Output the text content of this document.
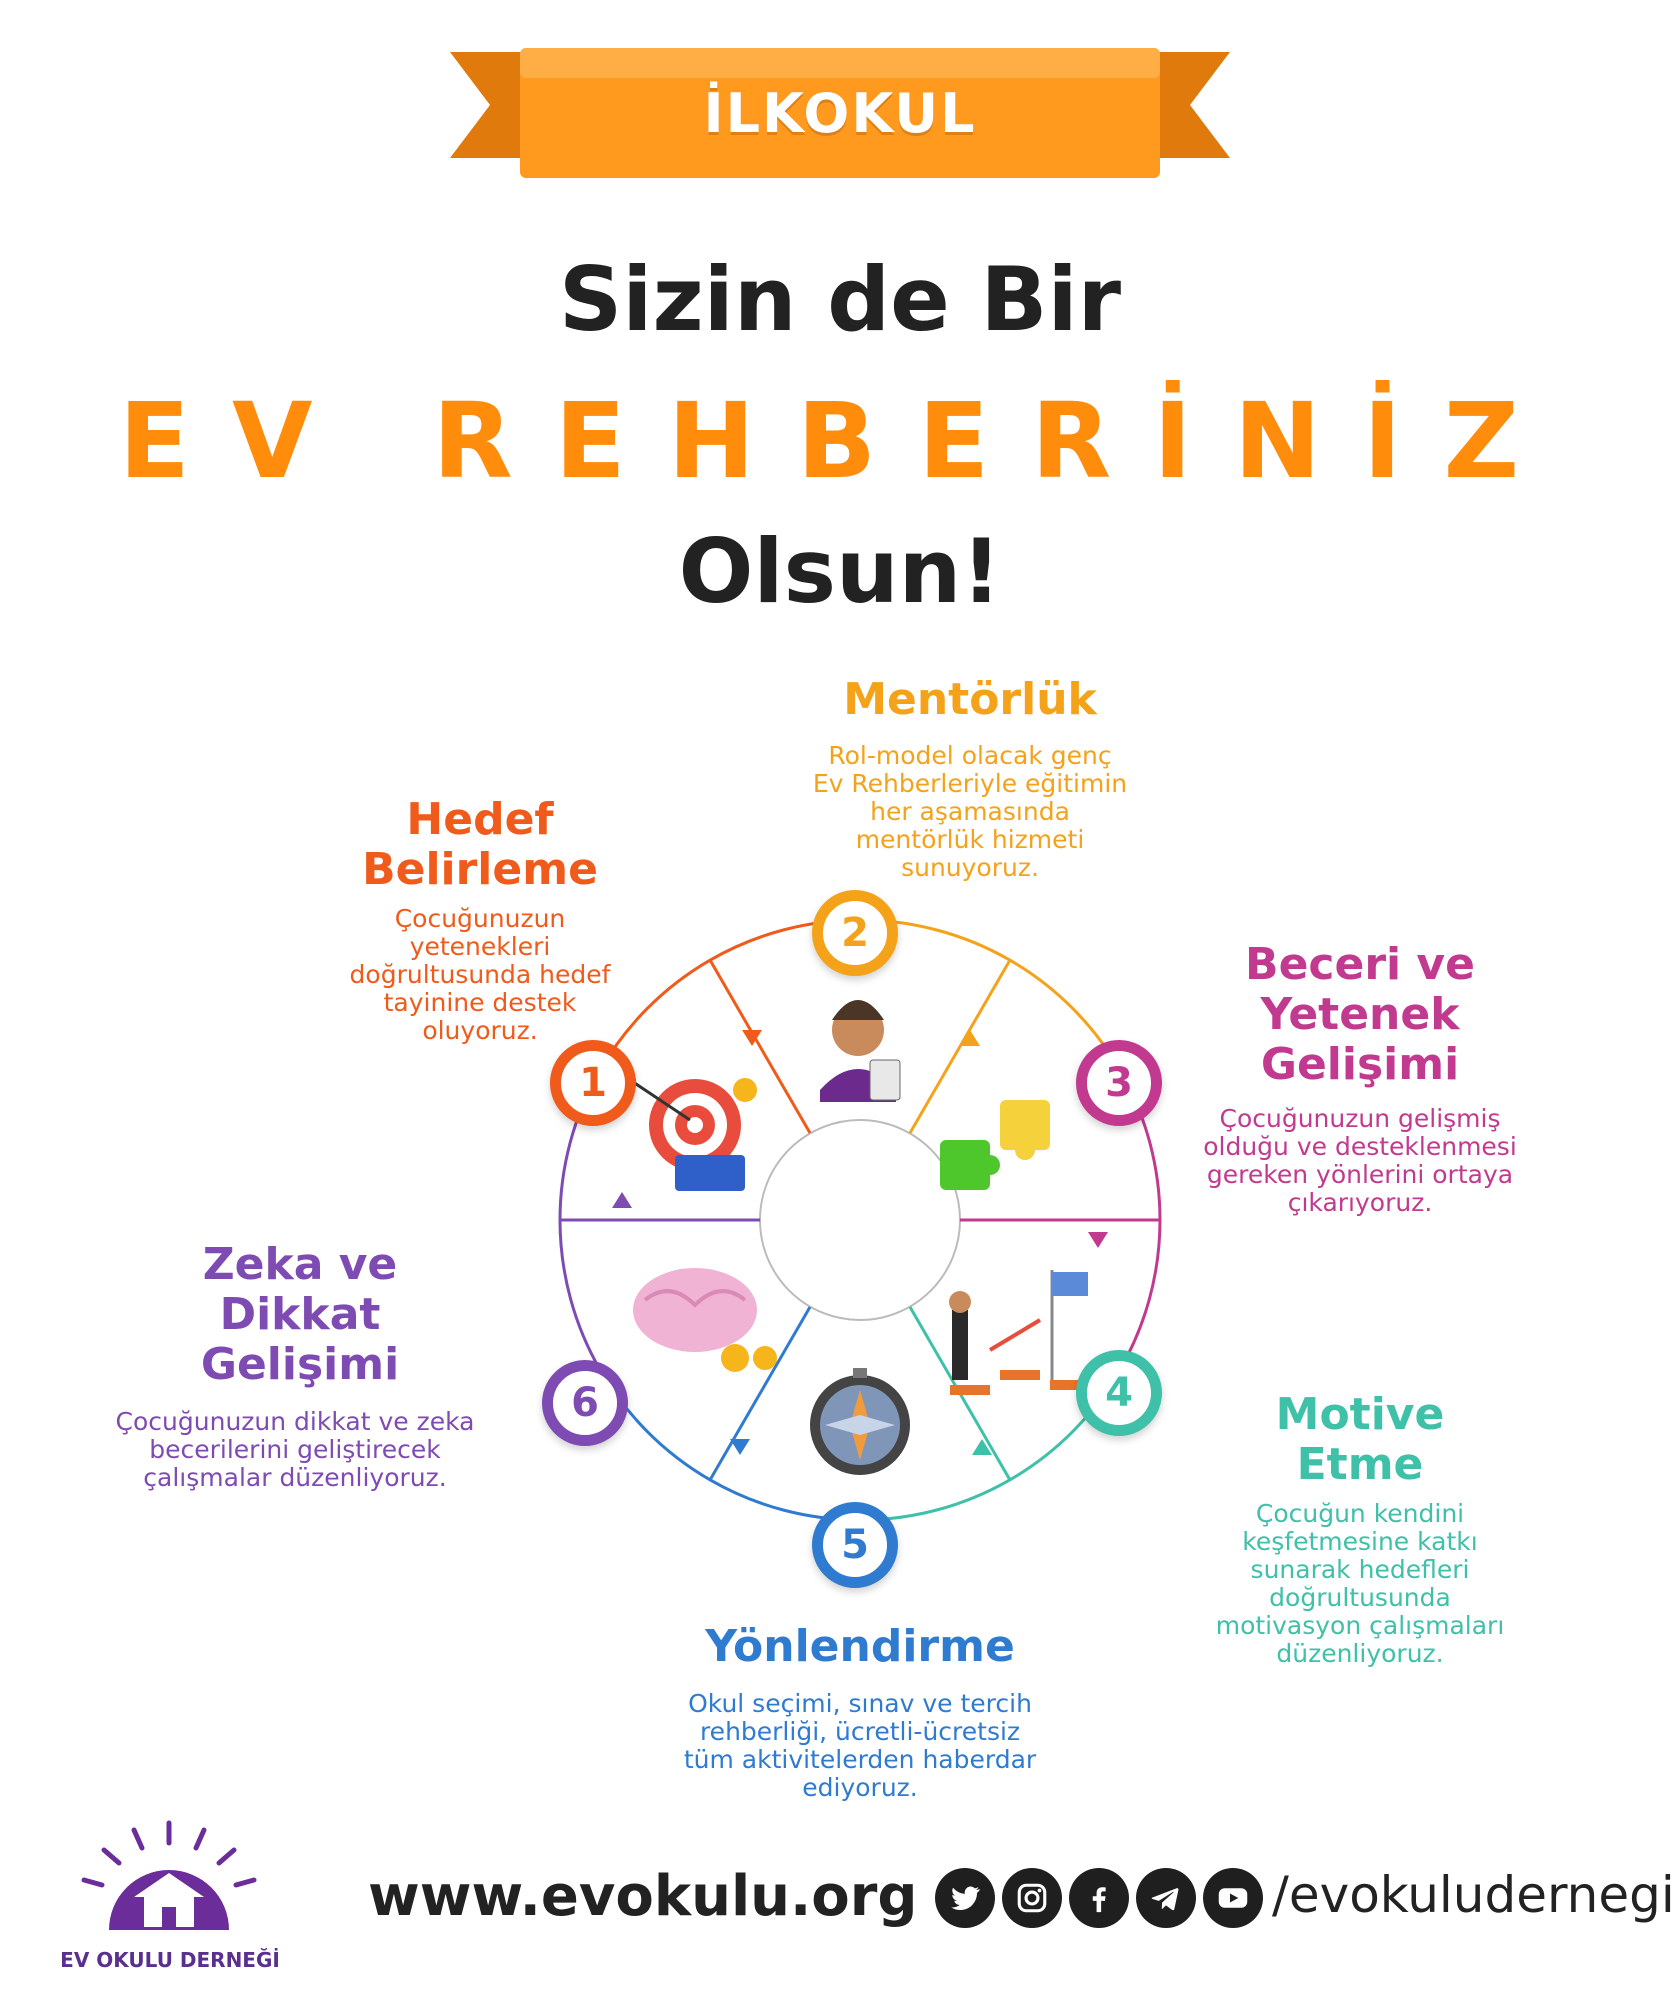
İLKOKUL
Sizin de Bir
EV REHBERİNİZ
Olsun!
Mentörlük
Rol-model olacak genç
Ev Rehberleriyle eğitimin
her aşamasında
mentörlük hizmeti
sunuyoruz.
Hedef
Belirleme
Çocuğunuzun
yetenekleri
doğrultusunda hedef
tayinine destek
oluyoruz.
Beceri ve
Yetenek
Gelişimi
Çocuğunuzun gelişmiş
olduğu ve desteklenmesi
gereken yönlerini ortaya
çıkarıyoruz.
Zeka ve
Dikkat
Gelişimi
Çocuğunuzun dikkat ve zeka
becerilerini geliştirecek
çalışmalar düzenliyoruz.
Motive
Etme
Çocuğun kendini
keşfetmesine katkı
sunarak hedefleri
doğrultusunda
motivasyon çalışmaları
düzenliyoruz.
Yönlendirme
Okul seçimi, sınav ve tercih
rehberliği, ücretli-ücretsiz
tüm aktivitelerden haberdar
ediyoruz.
1
2
3
4
5
6
EV OKULU DERNEĞİ
www.evokulu.org	/evokuludernegi
